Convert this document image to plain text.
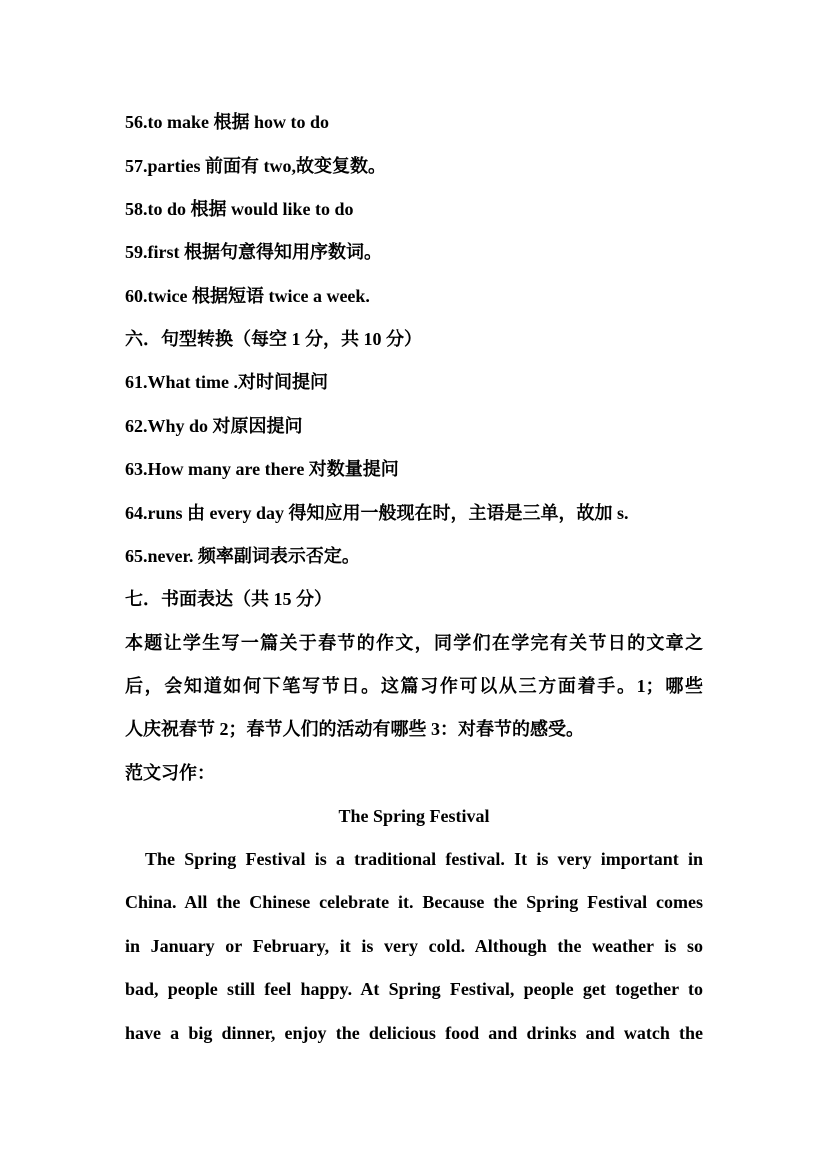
56.to make 根据 how to do
57.parties 前面有 two,故变复数。
58.to do 根据 would like to do
59.first 根据句意得知用序数词。
60.twice 根据短语 twice a week.
六．句型转换（每空 1 分，共 10 分）
61.What time .对时间提问
62.Why do 对原因提问
63.How many are there 对数量提问
64.runs 由 every day 得知应用一般现在时，主语是三单，故加 s.
65.never. 频率副词表示否定。
七．书面表达（共 15 分）
本题让学生写一篇关于春节的作文，同学们在学完有关节日的文章之
后，会知道如何下笔写节日。这篇习作可以从三方面着手。1；哪些
人庆祝春节 2；春节人们的活动有哪些 3：对春节的感受。
范文习作：
The Spring Festival
The Spring Festival is a traditional festival. It is very important in
China. All the Chinese celebrate it. Because the Spring Festival comes
in January or February, it is very cold. Although the weather is so
bad, people still feel happy. At Spring Festival, people get together to
have a big dinner, enjoy the delicious food and drinks and watch the
